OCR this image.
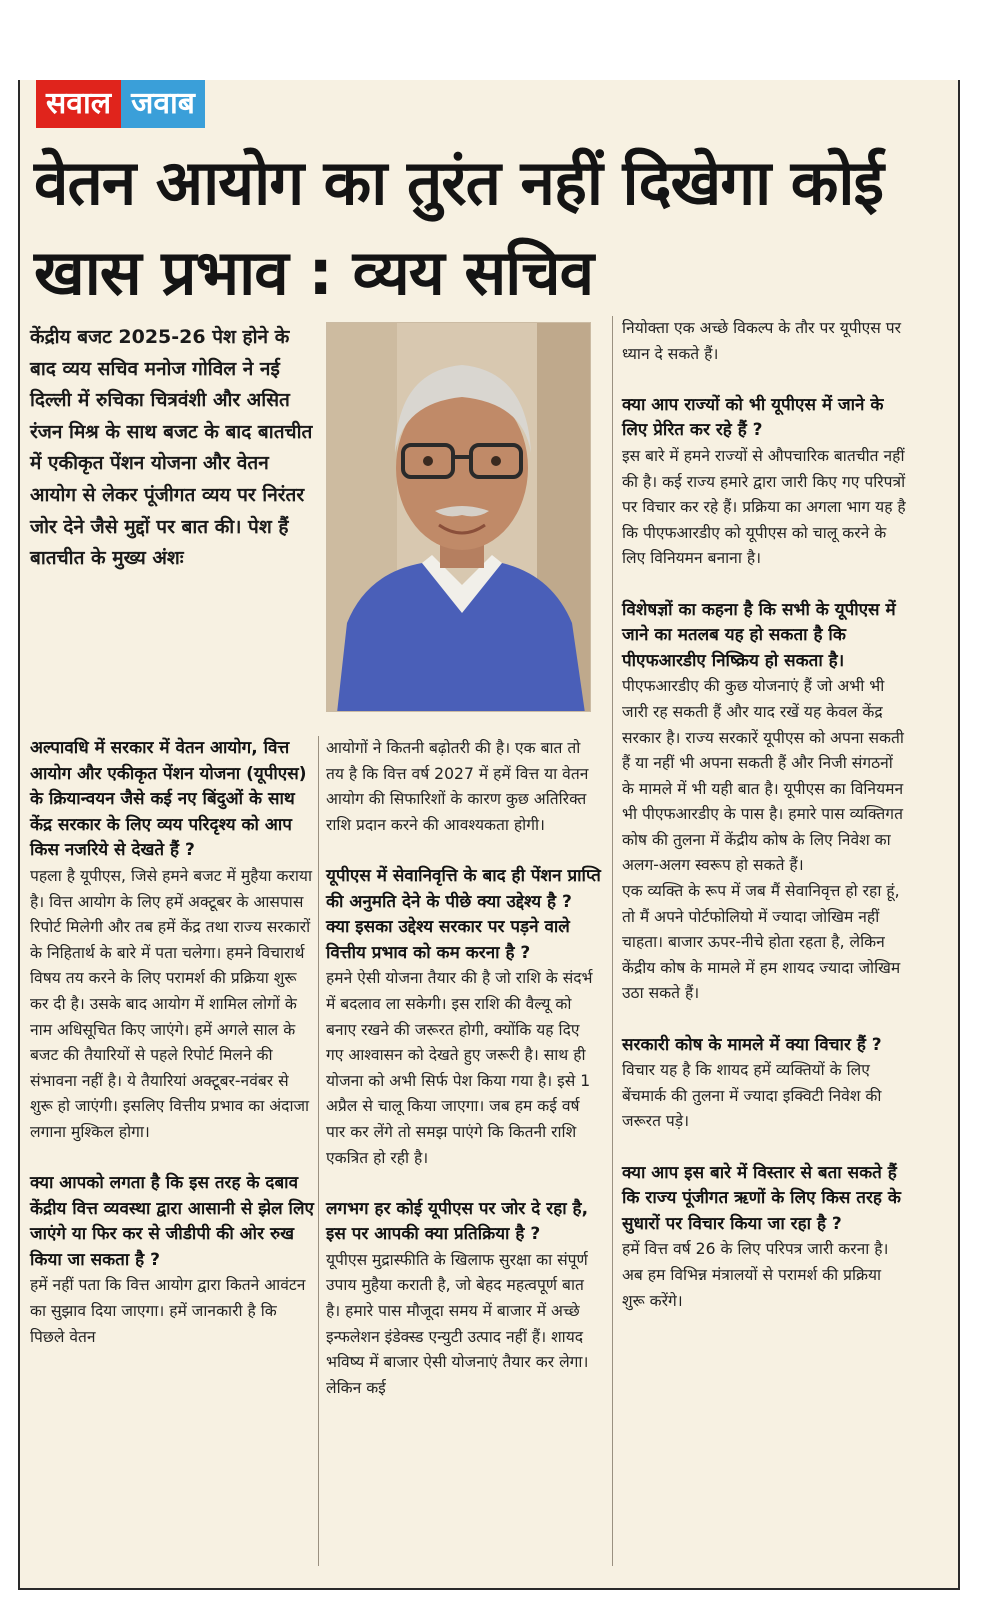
सवाल जवाब
वेतन आयोग का तुरंत नहीं दिखेगा कोई खास प्रभाव : व्यय सचिव
केंद्रीय बजट 2025-26 पेश होने के बाद व्यय सचिव मनोज गोविल ने नई दिल्ली में रुचिका चित्रवंशी और असित रंजन मिश्र के साथ बजट के बाद बातचीत में एकीकृत पेंशन योजना और वेतन आयोग से लेकर पूंजीगत व्यय पर निरंतर जोर देने जैसे मुद्दों पर बात की। पेश हैं बातचीत के मुख्य अंशः

अल्पावधि में सरकार में वेतन आयोग, वित्त आयोग और एकीकृत पेंशन योजना (यूपीएस) के क्रियान्वयन जैसे कई नए बिंदुओं के साथ केंद्र सरकार के लिए व्यय परिदृश्य को आप किस नजरिये से देखते हैं ?

पहला है यूपीएस, जिसे हमने बजट में मुहैया कराया है। वित्त आयोग के लिए हमें अक्टूबर के आसपास रिपोर्ट मिलेगी और तब हमें केंद्र तथा राज्य सरकारों के निहितार्थ के बारे में पता चलेगा। हमने विचारार्थ विषय तय करने के लिए परामर्श की प्रक्रिया शुरू कर दी है। उसके बाद आयोग में शामिल लोगों के नाम अधिसूचित किए जाएंगे। हमें अगले साल के बजट की तैयारियों से पहले रिपोर्ट मिलने की संभावना नहीं है। ये तैयारियां अक्टूबर-नवंबर से शुरू हो जाएंगी। इसलिए वित्तीय प्रभाव का अंदाजा लगाना मुश्किल होगा।

क्या आपको लगता है कि इस तरह के दबाव केंद्रीय वित्त व्यवस्था द्वारा आसानी से झेल लिए जाएंगे या फिर कर से जीडीपी की ओर रुख किया जा सकता है ?

हमें नहीं पता कि वित्त आयोग द्वारा कितने आवंटन का सुझाव दिया जाएगा। हमें जानकारी है कि पिछले वेतन

आयोगों ने कितनी बढ़ोतरी की है। एक बात तो तय है कि वित्त वर्ष 2027 में हमें वित्त या वेतन आयोग की सिफारिशों के कारण कुछ अतिरिक्त राशि प्रदान करने की आवश्यकता होगी।

यूपीएस में सेवानिवृत्ति के बाद ही पेंशन प्राप्ति की अनुमति देने के पीछे क्या उद्देश्य है ? क्या इसका उद्देश्य सरकार पर पड़ने वाले वित्तीय प्रभाव को कम करना है ?

हमने ऐसी योजना तैयार की है जो राशि के संदर्भ में बदलाव ला सकेगी। इस राशि की वैल्यू को बनाए रखने की जरूरत होगी, क्योंकि यह दिए गए आश्वासन को देखते हुए जरूरी है। साथ ही योजना को अभी सिर्फ पेश किया गया है। इसे 1 अप्रैल से चालू किया जाएगा। जब हम कई वर्ष पार कर लेंगे तो समझ पाएंगे कि कितनी राशि एकत्रित हो रही है।

लगभग हर कोई यूपीएस पर जोर दे रहा है, इस पर आपकी क्या प्रतिक्रिया है ?

यूपीएस मुद्रास्फीति के खिलाफ सुरक्षा का संपूर्ण उपाय मुहैया कराती है, जो बेहद महत्वपूर्ण बात है। हमारे पास मौजूदा समय में बाजार में अच्छे इन्फलेशन इंडेक्स्ड एन्युटी उत्पाद नहीं हैं। शायद भविष्य में बाजार ऐसी योजनाएं तैयार कर लेगा। लेकिन कई

नियोक्ता एक अच्छे विकल्प के तौर पर यूपीएस पर ध्यान दे सकते हैं।

क्या आप राज्यों को भी यूपीएस में जाने के लिए प्रेरित कर रहे हैं ?

इस बारे में हमने राज्यों से औपचारिक बातचीत नहीं की है। कई राज्य हमारे द्वारा जारी किए गए परिपत्रों पर विचार कर रहे हैं। प्रक्रिया का अगला भाग यह है कि पीएफआरडीए को यूपीएस को चालू करने के लिए विनियमन बनाना है।

विशेषज्ञों का कहना है कि सभी के यूपीएस में जाने का मतलब यह हो सकता है कि पीएफआरडीए निष्क्रिय हो सकता है।

पीएफआरडीए की कुछ योजनाएं हैं जो अभी भी जारी रह सकती हैं और याद रखें यह केवल केंद्र सरकार है। राज्य सरकारें यूपीएस को अपना सकती हैं या नहीं भी अपना सकती हैं और निजी संगठनों के मामले में भी यही बात है। यूपीएस का विनियमन भी पीएफआरडीए के पास है। हमारे पास व्यक्तिगत कोष की तुलना में केंद्रीय कोष के लिए निवेश का अलग-अलग स्वरूप हो सकते हैं।

एक व्यक्ति के रूप में जब मैं सेवानिवृत्त हो रहा हूं, तो मैं अपने पोर्टफोलियो में ज्यादा जोखिम नहीं चाहता। बाजार ऊपर-नीचे होता रहता है, लेकिन केंद्रीय कोष के मामले में हम शायद ज्यादा जोखिम उठा सकते हैं।

सरकारी कोष के मामले में क्या विचार हैं ?

विचार यह है कि शायद हमें व्यक्तियों के लिए बेंचमार्क की तुलना में ज्यादा इक्विटी निवेश की जरूरत पड़े।

क्या आप इस बारे में विस्तार से बता सकते हैं कि राज्य पूंजीगत ऋणों के लिए किस तरह के सुधारों पर विचार किया जा रहा है ?

हमें वित्त वर्ष 26 के लिए परिपत्र जारी करना है। अब हम विभिन्न मंत्रालयों से परामर्श की प्रक्रिया शुरू करेंगे।
